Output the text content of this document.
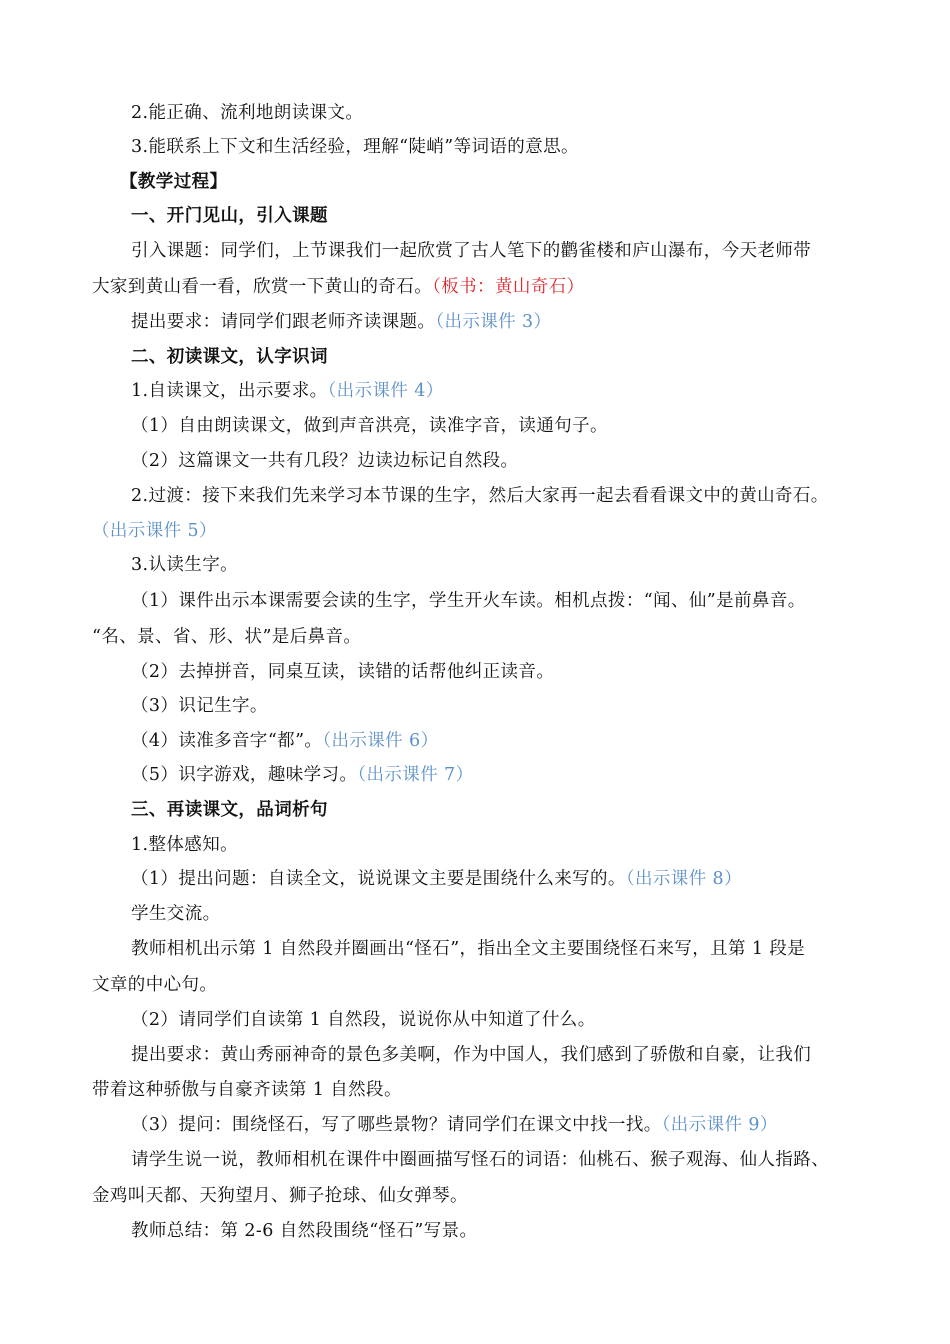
2.能正确、流利地朗读课文。
3.能联系上下文和生活经验，理解“陡峭”等词语的意思。
【教学过程】
一、开门见山，引入课题
引入课题：同学们，上节课我们一起欣赏了古人笔下的鹳雀楼和庐山瀑布，今天老师带
大家到黄山看一看，欣赏一下黄山的奇石。（板书：黄山奇石）
提出要求：请同学们跟老师齐读课题。（出示课件 3）
二、初读课文，认字识词
1.自读课文，出示要求。（出示课件 4）
（1）自由朗读课文，做到声音洪亮，读准字音，读通句子。
（2）这篇课文一共有几段？边读边标记自然段。
2.过渡：接下来我们先来学习本节课的生字，然后大家再一起去看看课文中的黄山奇石。
（出示课件 5）
3.认读生字。
（1）课件出示本课需要会读的生字，学生开火车读。相机点拨：“闻、仙”是前鼻音。
“名、景、省、形、状”是后鼻音。
（2）去掉拼音，同桌互读，读错的话帮他纠正读音。
（3）识记生字。
（4）读准多音字“都”。（出示课件 6）
（5）识字游戏，趣味学习。（出示课件 7）
三、再读课文，品词析句
1.整体感知。
（1）提出问题：自读全文，说说课文主要是围绕什么来写的。（出示课件 8）
学生交流。
教师相机出示第 1 自然段并圈画出“怪石”，指出全文主要围绕怪石来写，且第 1 段是
文章的中心句。
（2）请同学们自读第 1 自然段，说说你从中知道了什么。
提出要求：黄山秀丽神奇的景色多美啊，作为中国人，我们感到了骄傲和自豪，让我们
带着这种骄傲与自豪齐读第 1 自然段。
（3）提问：围绕怪石，写了哪些景物？请同学们在课文中找一找。（出示课件 9）
请学生说一说，教师相机在课件中圈画描写怪石的词语：仙桃石、猴子观海、仙人指路、
金鸡叫天都、天狗望月、狮子抢球、仙女弹琴。
教师总结：第 2-6 自然段围绕“怪石”写景。
